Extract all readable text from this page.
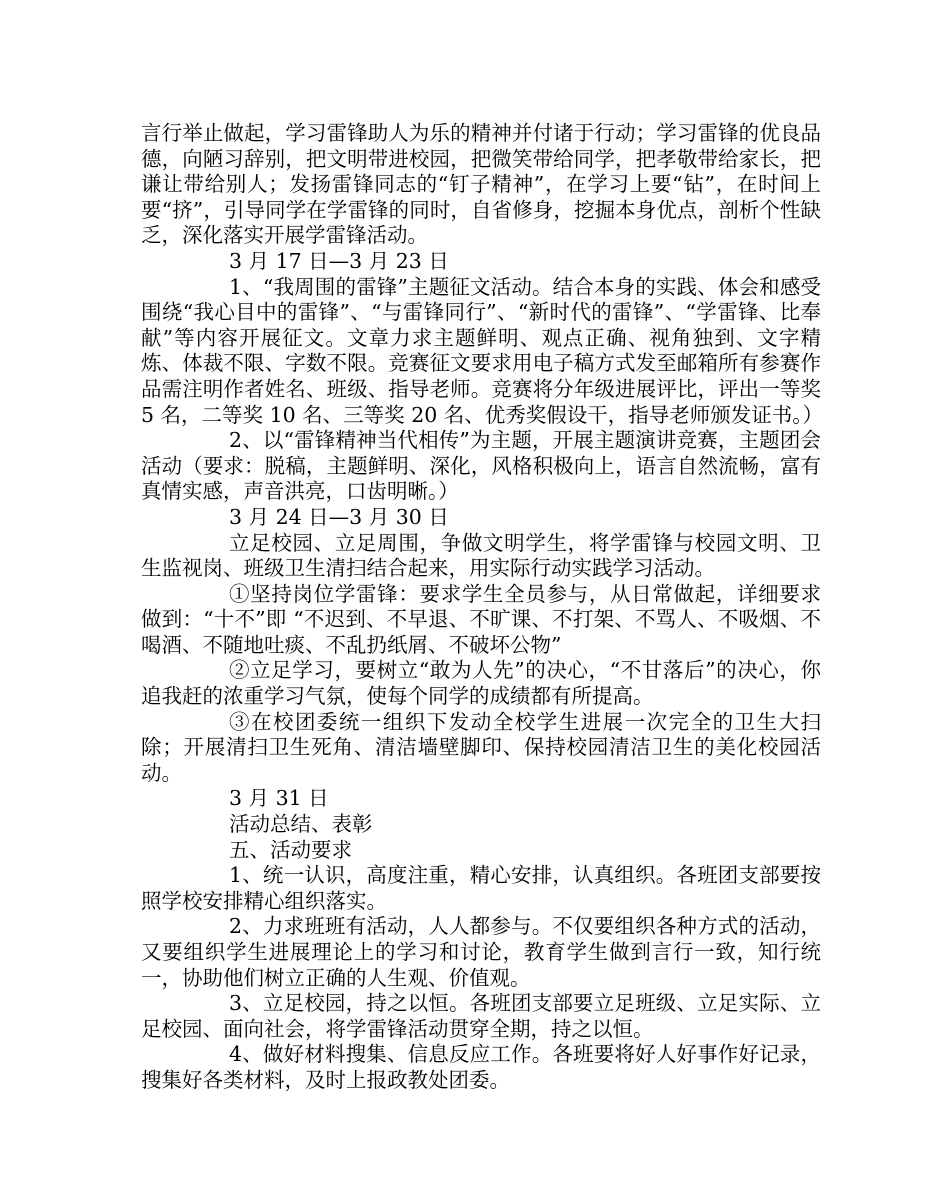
言行举止做起，学习雷锋助人为乐的精神并付诸于行动；学习雷锋的优良品德，向陋习辞别，把文明带进校园，把微笑带给同学，把孝敬带给家长，把谦让带给别人；发扬雷锋同志的“钉子精神”，在学习上要“钻”，在时间上要“挤”，引导同学在学雷锋的同时，自省修身，挖掘本身优点，剖析个性缺乏，深化落实开展学雷锋活动。

3 月 17 日—3 月 23 日

1、“我周围的雷锋”主题征文活动。结合本身的实践、体会和感受围绕“我心目中的雷锋”、“与雷锋同行”、“新时代的雷锋”、“学雷锋、比奉献”等内容开展征文。文章力求主题鲜明、观点正确、视角独到、文字精炼、体裁不限、字数不限。竞赛征文要求用电子稿方式发至邮箱所有参赛作品需注明作者姓名、班级、指导老师。竞赛将分年级进展评比，评出一等奖 5 名，二等奖 10 名、三等奖 20 名、优秀奖假设干，指导老师颁发证书。）

2、以“雷锋精神当代相传”为主题，开展主题演讲竞赛，主题团会活动（要求：脱稿，主题鲜明、深化，风格积极向上，语言自然流畅，富有真情实感，声音洪亮，口齿明晰。）

3 月 24 日—3 月 30 日

立足校园、立足周围，争做文明学生，将学雷锋与校园文明、卫生监视岗、班级卫生清扫结合起来，用实际行动实践学习活动。

①坚持岗位学雷锋：要求学生全员参与，从日常做起，详细要求做到：“十不”即 “不迟到、不早退、不旷课、不打架、不骂人、不吸烟、不喝酒、不随地吐痰、不乱扔纸屑、不破坏公物”

②立足学习，要树立“敢为人先”的决心，“不甘落后”的决心，你追我赶的浓重学习气氛，使每个同学的成绩都有所提高。

③在校团委统一组织下发动全校学生进展一次完全的卫生大扫除；开展清扫卫生死角、清洁墙壁脚印、保持校园清洁卫生的美化校园活动。

3 月 31 日

活动总结、表彰

五、活动要求

1、统一认识，高度注重，精心安排，认真组织。各班团支部要按照学校安排精心组织落实。

2、力求班班有活动，人人都参与。不仅要组织各种方式的活动，又要组织学生进展理论上的学习和讨论，教育学生做到言行一致，知行统一，协助他们树立正确的人生观、价值观。

3、立足校园，持之以恒。各班团支部要立足班级、立足实际、立足校园、面向社会，将学雷锋活动贯穿全期，持之以恒。

4、做好材料搜集、信息反应工作。各班要将好人好事作好记录，搜集好各类材料，及时上报政教处团委。
